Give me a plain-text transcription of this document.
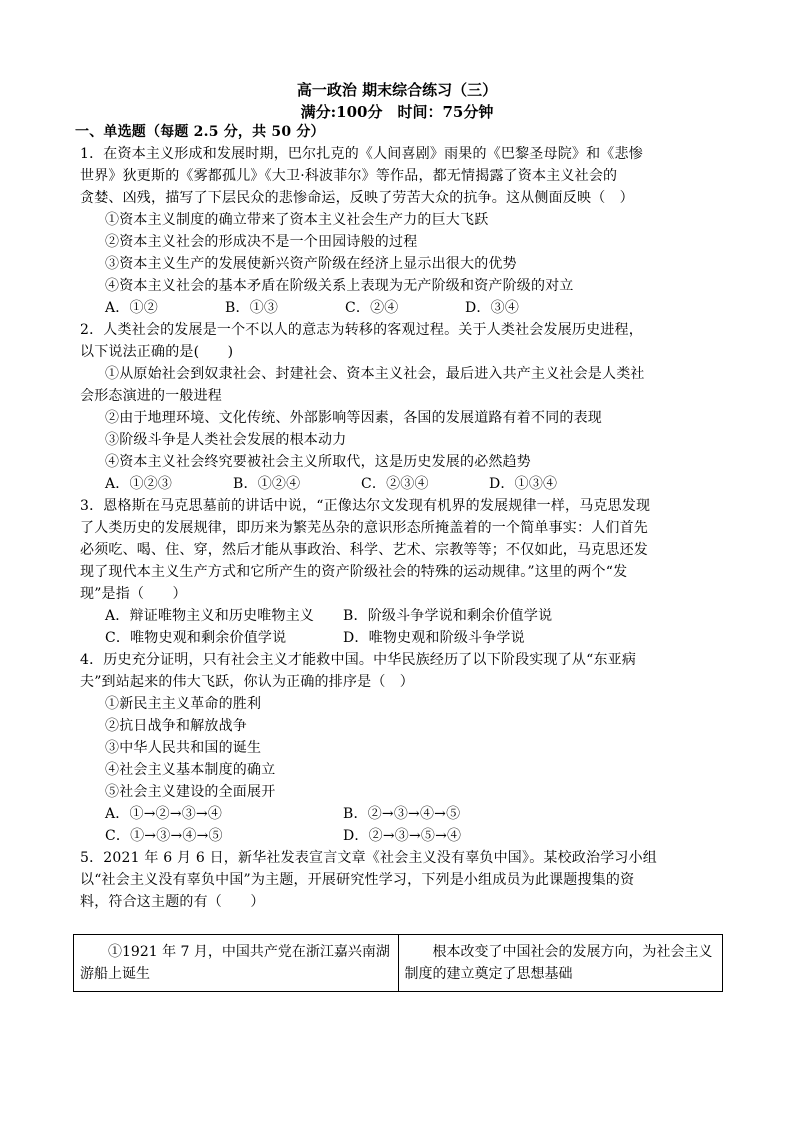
高一政治 期末综合练习（三）
满分:100分　时间：75分钟
一、单选题（每题 2.5 分，共 50 分）
1．在资本主义形成和发展时期，巴尔扎克的《人间喜剧》雨果的《巴黎圣母院》和《悲惨
世界》狄更斯的《雾都孤儿》《大卫·科波菲尔》等作品，都无情揭露了资本主义社会的
贪婪、凶残，描写了下层民众的悲惨命运，反映了劳苦大众的抗争。这从侧面反映（　）
①资本主义制度的确立带来了资本主义社会生产力的巨大飞跃
②资本主义社会的形成决不是一个田园诗般的过程
③资本主义生产的发展使新兴资产阶级在经济上显示出很大的优势
④资本主义社会的基本矛盾在阶级关系上表现为无产阶级和资产阶级的对立
A．①②	B．①③	C．②④	D．③④
2．人类社会的发展是一个不以人的意志为转移的客观过程。关于人类社会发展历史进程，
以下说法正确的是(　　)
①从原始社会到奴隶社会、封建社会、资本主义社会，最后进入共产主义社会是人类社
会形态演进的一般进程
②由于地理环境、文化传统、外部影响等因素，各国的发展道路有着不同的表现
③阶级斗争是人类社会发展的根本动力
④资本主义社会终究要被社会主义所取代，这是历史发展的必然趋势
A．①②③	B．①②④	C．②③④	D．①③④
3．恩格斯在马克思墓前的讲话中说，“正像达尔文发现有机界的发展规律一样，马克思发现
了人类历史的发展规律，即历来为繁芜丛杂的意识形态所掩盖着的一个简单事实：人们首先
必须吃、喝、住、穿，然后才能从事政治、科学、艺术、宗教等等；不仅如此，马克思还发
现了现代本主义生产方式和它所产生的资产阶级社会的特殊的运动规律。”这里的两个“发
现”是指（　　）
A．辩证唯物主义和历史唯物主义	B．阶级斗争学说和剩余价值学说
C．唯物史观和剩余价值学说	D．唯物史观和阶级斗争学说
4．历史充分证明，只有社会主义才能救中国。中华民族经历了以下阶段实现了从“东亚病
夫”到站起来的伟大飞跃，你认为正确的排序是（　）
①新民主主义革命的胜利
②抗日战争和解放战争
③中华人民共和国的诞生
④社会主义基本制度的确立
⑤社会主义建设的全面展开
A．①→②→③→④	B．②→③→④→⑤
C．①→③→④→⑤	D．②→③→⑤→④
5．2021 年 6 月 6 日，新华社发表宣言文章《社会主义没有辜负中国》。某校政治学习小组
以“社会主义没有辜负中国”为主题，开展研究性学习，下列是小组成员为此课题搜集的资
料，符合这主题的有（　　）
①1921 年 7 月，中国共产党在浙江嘉兴南湖游船上诞生	根本改变了中国社会的发展方向，为社会主义制度的建立奠定了思想基础
